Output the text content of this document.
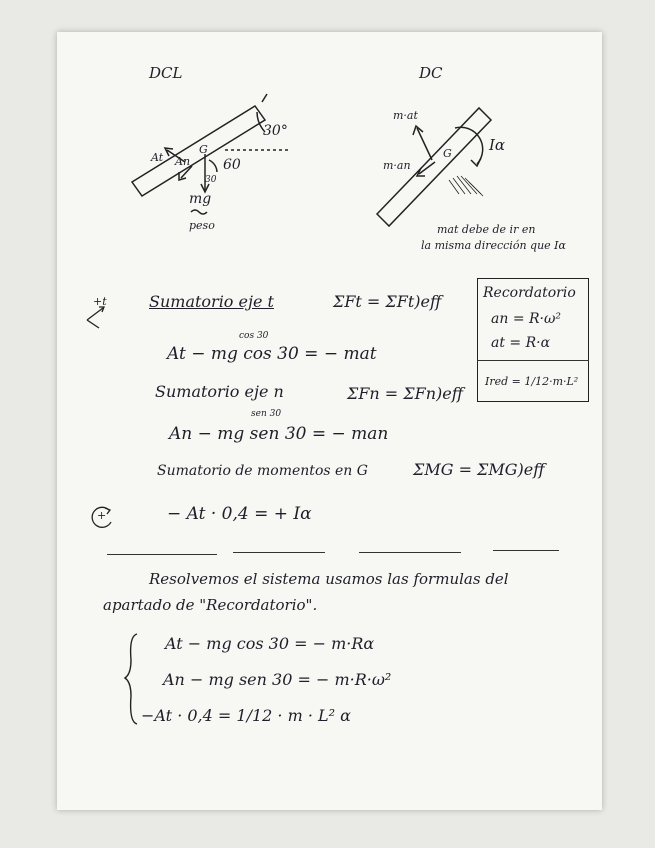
DCL
At An
G
30°
60
30
mg
peso
DC
m·at
m·an
G Iα
mat debe de ir en
la misma dirección que Iα
Recordatorio
an = R·ω²
at = R·α
Ired = 1/12·m·L²
+t	Sumatorio eje t	ΣFt = ΣFt)eff
cos 30
At − mg cos 30 = − mat
Sumatorio eje n	ΣFn = ΣFn)eff
sen 30
An − mg sen 30 = − man
Sumatorio de momentos en G	ΣMG = ΣMG)eff
+	− At · 0,4 = + Iα
Resolvemos el sistema usamos las formulas del
apartado de "Recordatorio".
At − mg cos 30 = − m·Rα
An − mg sen 30 = − m·R·ω²
−At · 0,4 = 1/12 · m · L² α
